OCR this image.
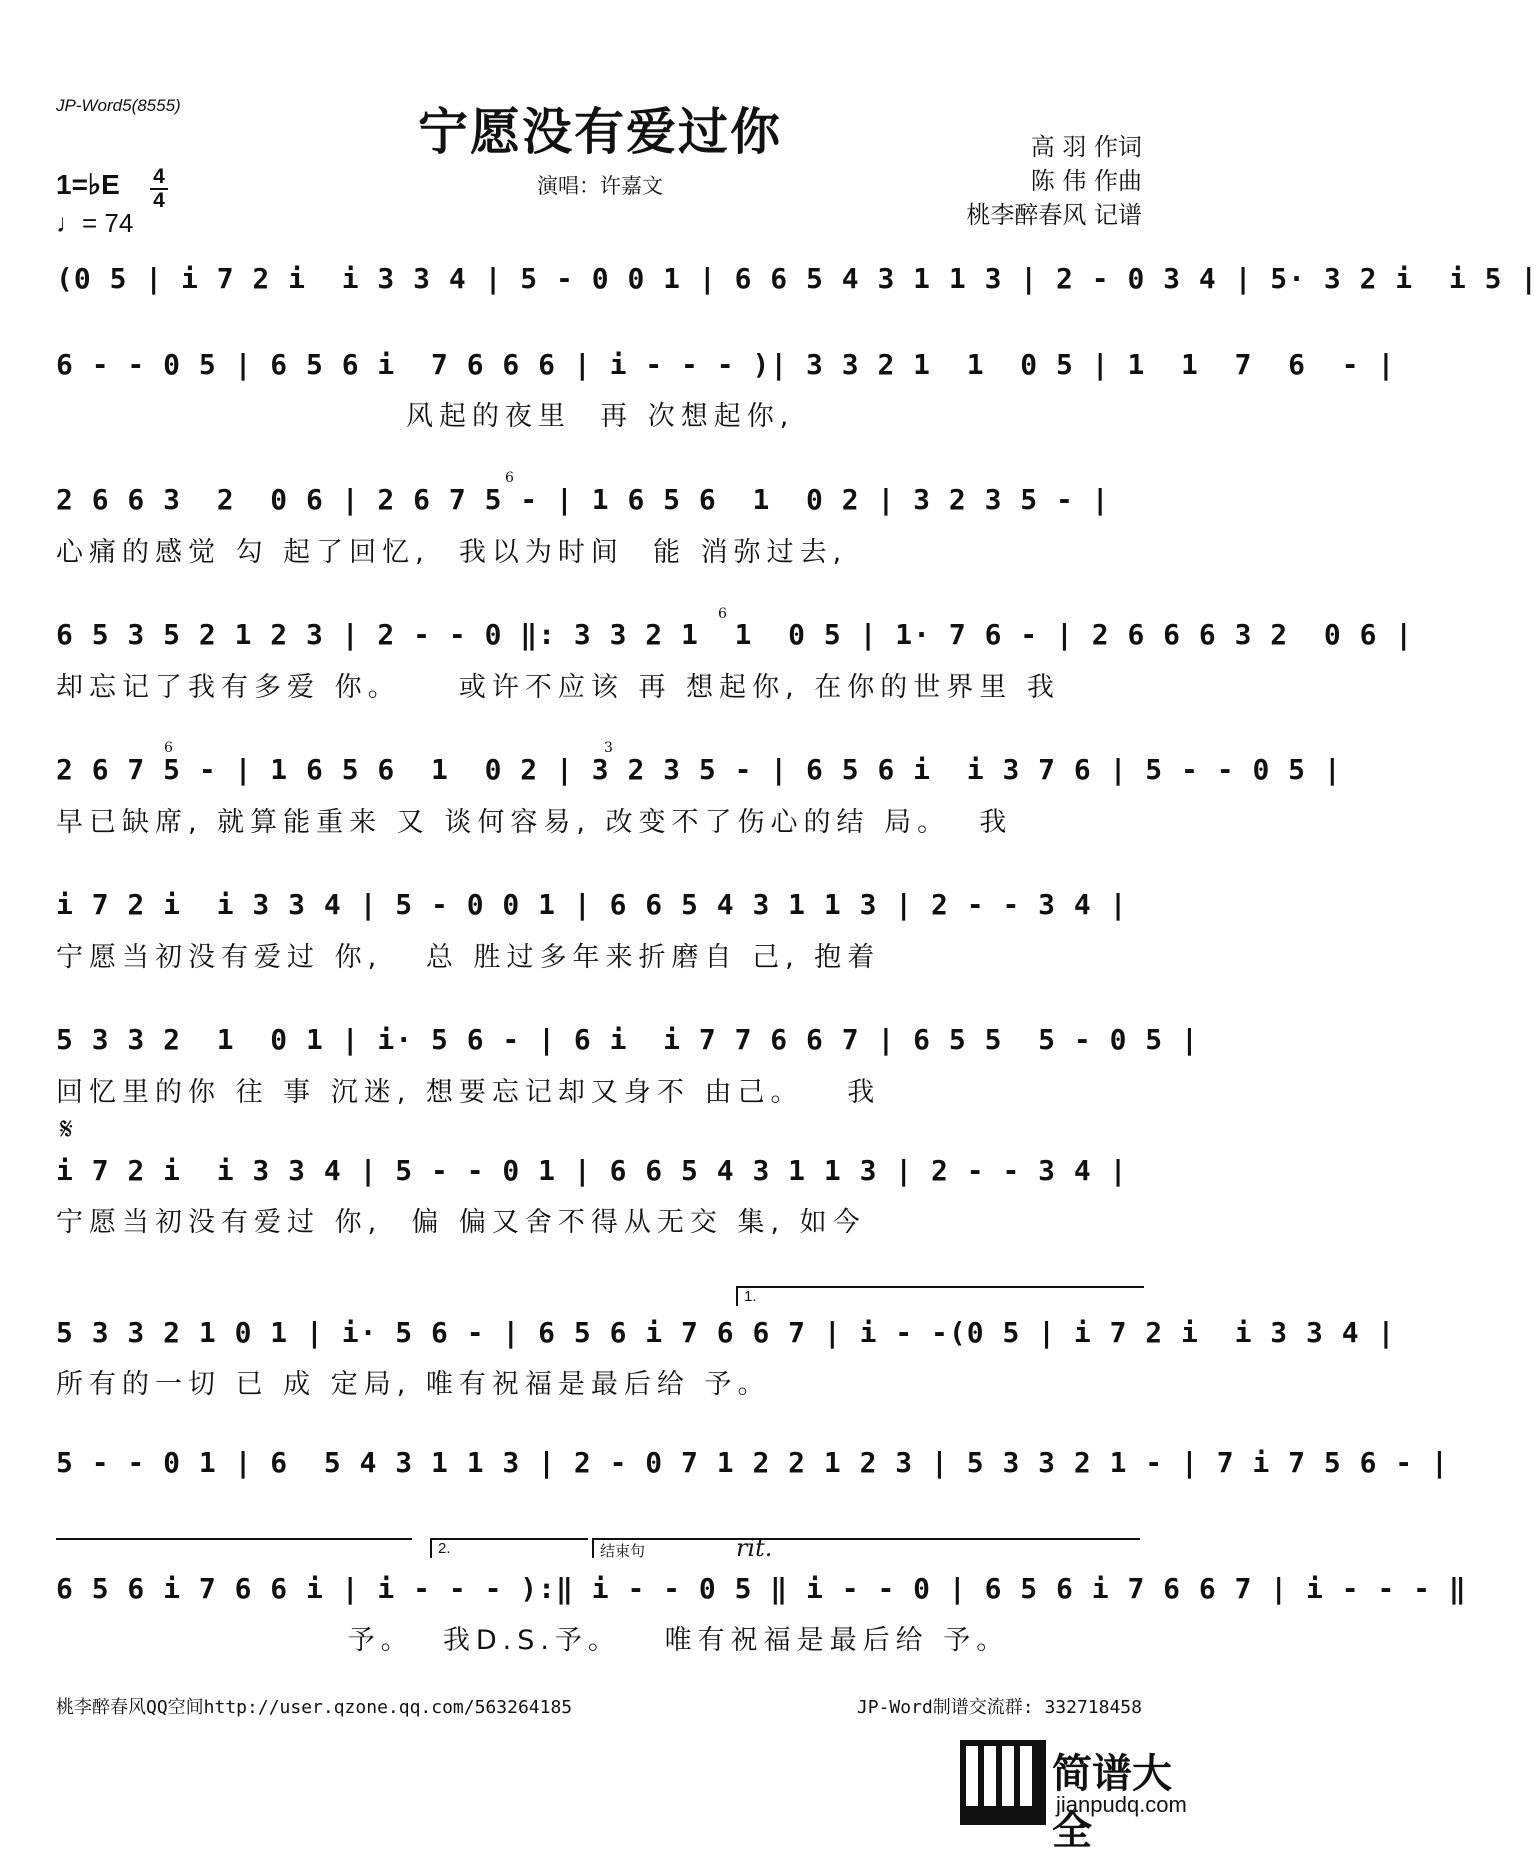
JP-Word5(8555)	宁愿没有爱过你
演唱：许嘉文
高 羽 作词
陈 伟 作曲
桃李醉春风 记谱
1=♭E 4
4
♩= 74
(0 5 | i 7 2 i  i 3 3 4 | 5 - 0 0 1 | 6 6 5 4 3 1 1 3 | 2 - 0 3 4 | 5· 3 2 i  i 5 |
6 - - 0 5 | 6 5 6 i  7 6 6 6 | i - - - )| 3 3 2 1  1  0 5 | 1  1  7  6  - |
风起的夜里  再 次想起你,
2 6 6 3  2  0 6 | 2 6 7 5 - | 1 6 5 6  1  0 2 | 3 2 3 5 - |
心痛的感觉 勾 起了回忆,  我以为时间  能 消弥过去,
6
6 5 3 5 2 1 2 3 | 2 - - 0 ‖: 3 3 2 1  1  0 5 | 1· 7 6 - | 2 6 6 6 3 2  0 6 |
却忘记了我有多爱 你。    或许不应该 再 想起你, 在你的世界里 我
6
2 6 7 5 - | 1 6 5 6  1  0 2 | 3 2 3 5 - | 6 5 6 i  i 3 7 6 | 5 - - 0 5 |
早已缺席, 就算能重来 又 谈何容易, 改变不了伤心的结 局。  我
6	3
i 7 2 i  i 3 3 4 | 5 - 0 0 1 | 6 6 5 4 3 1 1 3 | 2 - - 3 4 |
宁愿当初没有爱过 你,   总 胜过多年来折磨自 己, 抱着
5 3 3 2  1  0 1 | i· 5 6 - | 6 i  i 7 7 6 6 7 | 6 5 5  5 - 0 5 |
回忆里的你 往 事 沉迷, 想要忘记却又身不 由己。   我
𝄋
i 7 2 i  i 3 3 4 | 5 - - 0 1 | 6 6 5 4 3 1 1 3 | 2 - - 3 4 |
宁愿当初没有爱过 你,  偏 偏又舍不得从无交 集, 如今
1.
5 3 3 2 1 0 1 | i· 5 6 - | 6 5 6 i 7 6 6 7 | i - -(0 5 | i 7 2 i  i 3 3 4 |
所有的一切 已 成 定局, 唯有祝福是最后给 予。
5 - - 0 1 | 6  5 4 3 1 1 3 | 2 - 0 7 1 2 2 1 2 3 | 5 3 3 2 1 - | 7 i 7 5 6 - |
2.	结束句	rit.
6 5 6 i 7 6 6 i | i - - - ):‖ i - - 0 5 ‖ i - - 0 | 6 5 6 i 7 6 6 7 | i - - - ‖
予。  我D.S.予。   唯有祝福是最后给 予。
桃李醉春风QQ空间http://user.qzone.qq.com/563264185	JP-Word制谱交流群: 332718458
简谱大全
jianpudq.com
